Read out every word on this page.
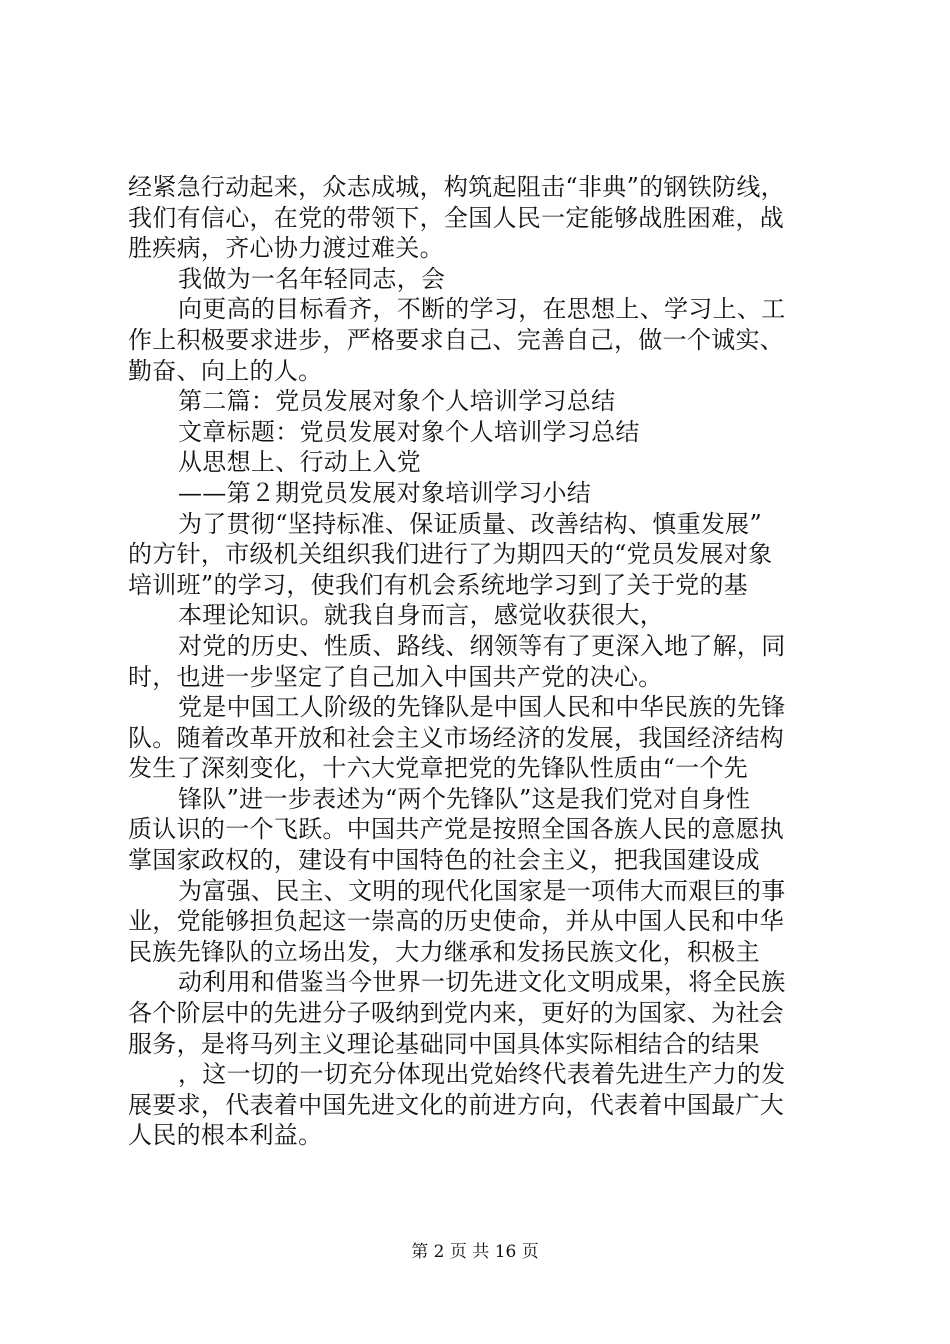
经紧急行动起来，众志成城，构筑起阻击“非典”的钢铁防线，
我们有信心，在党的带领下，全国人民一定能够战胜困难，战
胜疾病，齐心协力渡过难关。
我做为一名年轻同志，会
向更高的目标看齐，不断的学习，在思想上、学习上、工
作上积极要求进步，严格要求自己、完善自己，做一个诚实、
勤奋、向上的人。
第二篇：党员发展对象个人培训学习总结
文章标题：党员发展对象个人培训学习总结
从思想上、行动上入党
——第２期党员发展对象培训学习小结
为了贯彻“坚持标准、保证质量、改善结构、慎重发展”
的方针，市级机关组织我们进行了为期四天的“党员发展对象
培训班”的学习，使我们有机会系统地学习到了关于党的基
本理论知识。就我自身而言，感觉收获很大，
对党的历史、性质、路线、纲领等有了更深入地了解，同
时，也进一步坚定了自己加入中国共产党的决心。
党是中国工人阶级的先锋队是中国人民和中华民族的先锋
队。随着改革开放和社会主义市场经济的发展，我国经济结构
发生了深刻变化，十六大党章把党的先锋队性质由“一个先
锋队”进一步表述为“两个先锋队”这是我们党对自身性
质认识的一个飞跃。中国共产党是按照全国各族人民的意愿执
掌国家政权的，建设有中国特色的社会主义，把我国建设成
为富强、民主、文明的现代化国家是一项伟大而艰巨的事
业，党能够担负起这一崇高的历史使命，并从中国人民和中华
民族先锋队的立场出发，大力继承和发扬民族文化，积极主
动利用和借鉴当今世界一切先进文化文明成果，将全民族
各个阶层中的先进分子吸纳到党内来，更好的为国家、为社会
服务，是将马列主义理论基础同中国具体实际相结合的结果
，这一切的一切充分体现出党始终代表着先进生产力的发
展要求，代表着中国先进文化的前进方向，代表着中国最广大
人民的根本利益。
第 2 页 共 16 页
